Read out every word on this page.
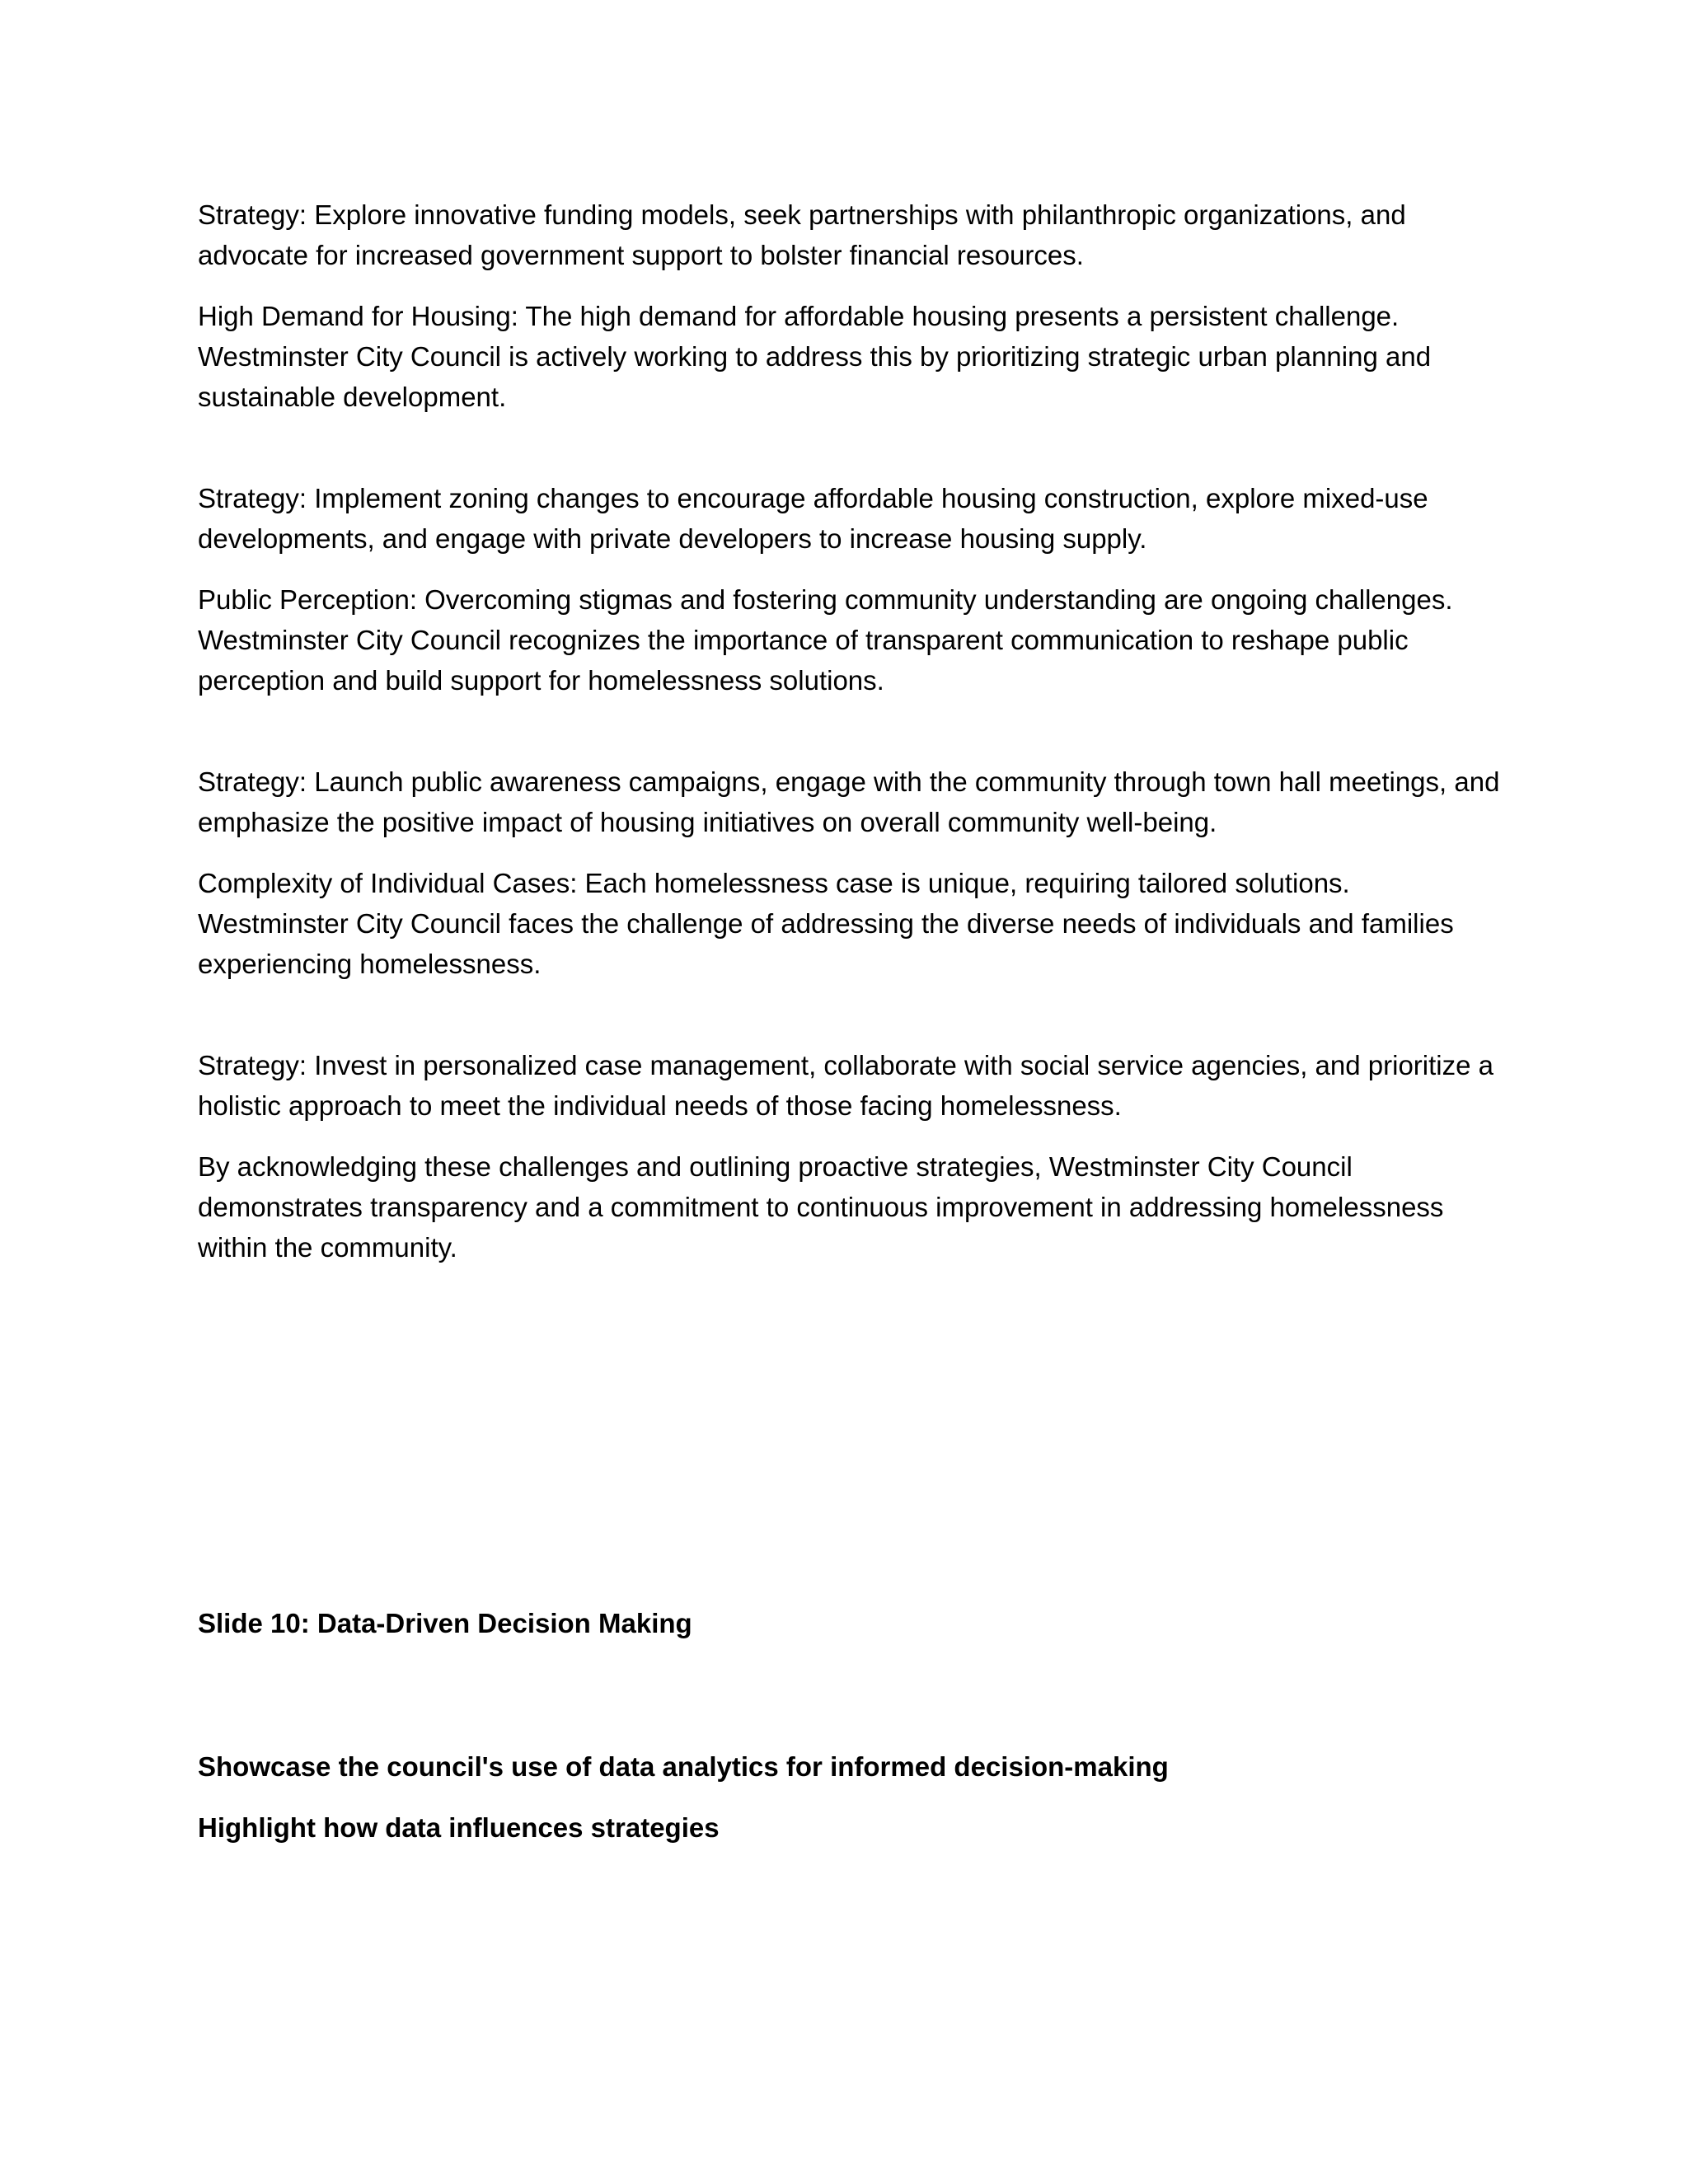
Strategy: Explore innovative funding models, seek partnerships with philanthropic organizations, and advocate for increased government support to bolster financial resources.

High Demand for Housing: The high demand for affordable housing presents a persistent challenge. Westminster City Council is actively working to address this by prioritizing strategic urban planning and sustainable development.

Strategy: Implement zoning changes to encourage affordable housing construction, explore mixed-use developments, and engage with private developers to increase housing supply.

Public Perception: Overcoming stigmas and fostering community understanding are ongoing challenges. Westminster City Council recognizes the importance of transparent communication to reshape public perception and build support for homelessness solutions.

Strategy: Launch public awareness campaigns, engage with the community through town hall meetings, and emphasize the positive impact of housing initiatives on overall community well-being.

Complexity of Individual Cases: Each homelessness case is unique, requiring tailored solutions. Westminster City Council faces the challenge of addressing the diverse needs of individuals and families experiencing homelessness.

Strategy: Invest in personalized case management, collaborate with social service agencies, and prioritize a holistic approach to meet the individual needs of those facing homelessness.

By acknowledging these challenges and outlining proactive strategies, Westminster City Council demonstrates transparency and a commitment to continuous improvement in addressing homelessness within the community.

Slide 10: Data-Driven Decision Making

Showcase the council's use of data analytics for informed decision-making

Highlight how data influences strategies
